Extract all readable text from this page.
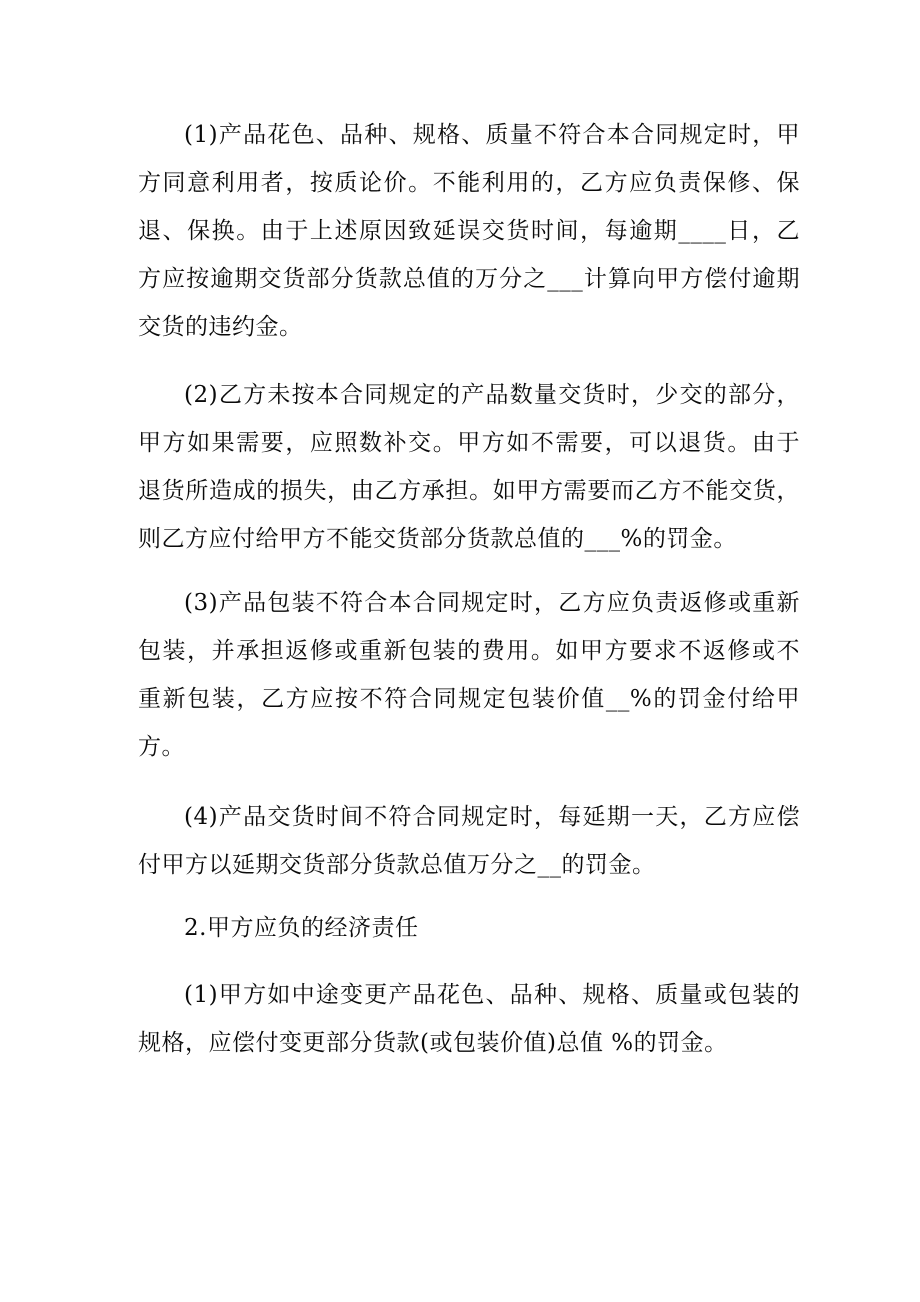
(1)产品花色、品种、规格、质量不符合本合同规定时，甲
方同意利用者，按质论价。不能利用的，乙方应负责保修、保
退、保换。由于上述原因致延误交货时间，每逾期____日，乙
方应按逾期交货部分货款总值的万分之___计算向甲方偿付逾期
交货的违约金。
(2)乙方未按本合同规定的产品数量交货时，少交的部分，
甲方如果需要，应照数补交。甲方如不需要，可以退货。由于
退货所造成的损失，由乙方承担。如甲方需要而乙方不能交货，
则乙方应付给甲方不能交货部分货款总值的___%的罚金。
(3)产品包装不符合本合同规定时，乙方应负责返修或重新
包装，并承担返修或重新包装的费用。如甲方要求不返修或不
重新包装，乙方应按不符合同规定包装价值__%的罚金付给甲方。
(4)产品交货时间不符合同规定时，每延期一天，乙方应偿
付甲方以延期交货部分货款总值万分之__的罚金。
2.甲方应负的经济责任
(1)甲方如中途变更产品花色、品种、规格、质量或包装的
规格，应偿付变更部分货款(或包装价值)总值 %的罚金。
